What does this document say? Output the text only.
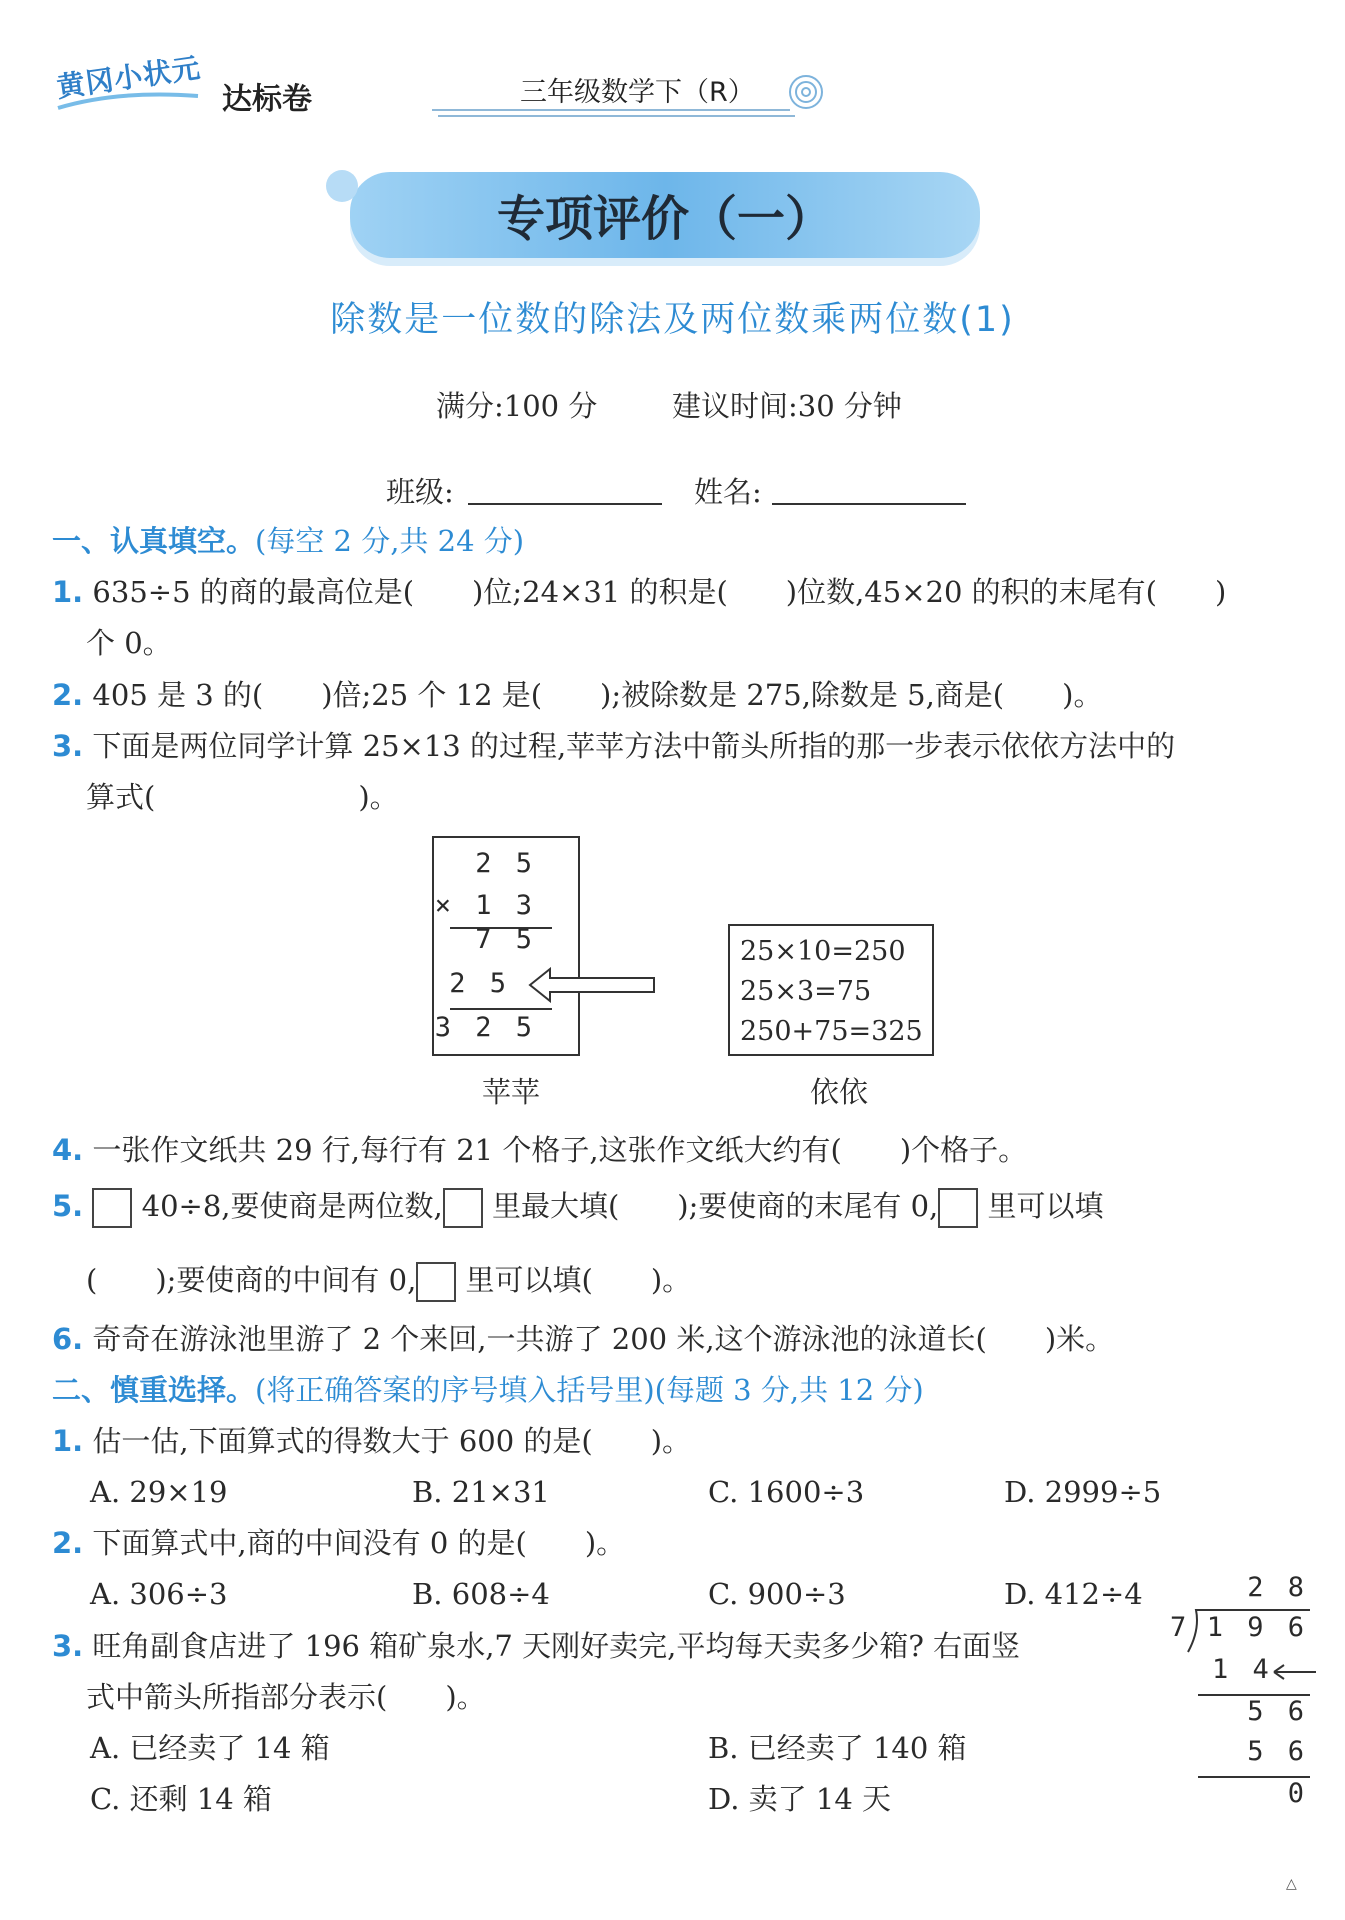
黄冈小状元 达标卷	三年级数学下（R）
专项评价（一）
除数是一位数的除法及两位数乘两位数(1)
满分:100 分	建议时间:30 分钟
班级:	姓名:
一、认真填空。(每空 2 分,共 24 分)
1. 635÷5 的商的最高位是(　　)位;24×31 的积是(　　)位数,45×20 的积的末尾有(　　)
个 0。
2. 405 是 3 的(　　)倍;25 个 12 是(　　);被除数是 275,除数是 5,商是(　　)。
3. 下面是两位同学计算 25×13 的过程,苹苹方法中箭头所指的那一步表示依依方法中的
算式(　　　　　　　)。
2 5
× 1 3
7 5
2 5
3 2 5
苹苹
25×10=250
25×3=75
250+75=325
依依
4. 一张作文纸共 29 行,每行有 21 个格子,这张作文纸大约有(　　)个格子。
5. 40÷8,要使商是两位数, 里最大填(　　);要使商的末尾有 0, 里可以填
(　　);要使商的中间有 0, 里可以填(　　)。
6. 奇奇在游泳池里游了 2 个来回,一共游了 200 米,这个游泳池的泳道长(　　)米。
二、慎重选择。(将正确答案的序号填入括号里)(每题 3 分,共 12 分)
1. 估一估,下面算式的得数大于 600 的是(　　)。
A. 29×19	B. 21×31	C. 1600÷3	D. 2999÷5
2. 下面算式中,商的中间没有 0 的是(　　)。
A. 306÷3	B. 608÷4	C. 900÷3	D. 412÷4
3. 旺角副食店进了 196 箱矿泉水,7 天刚好卖完,平均每天卖多少箱? 右面竖
式中箭头所指部分表示(　　)。
A. 已经卖了 14 箱	B. 已经卖了 140 箱
C. 还剩 14 箱	D. 卖了 14 天
2 8
7 1 9 6
1 4
5 6
5 6
0
△
